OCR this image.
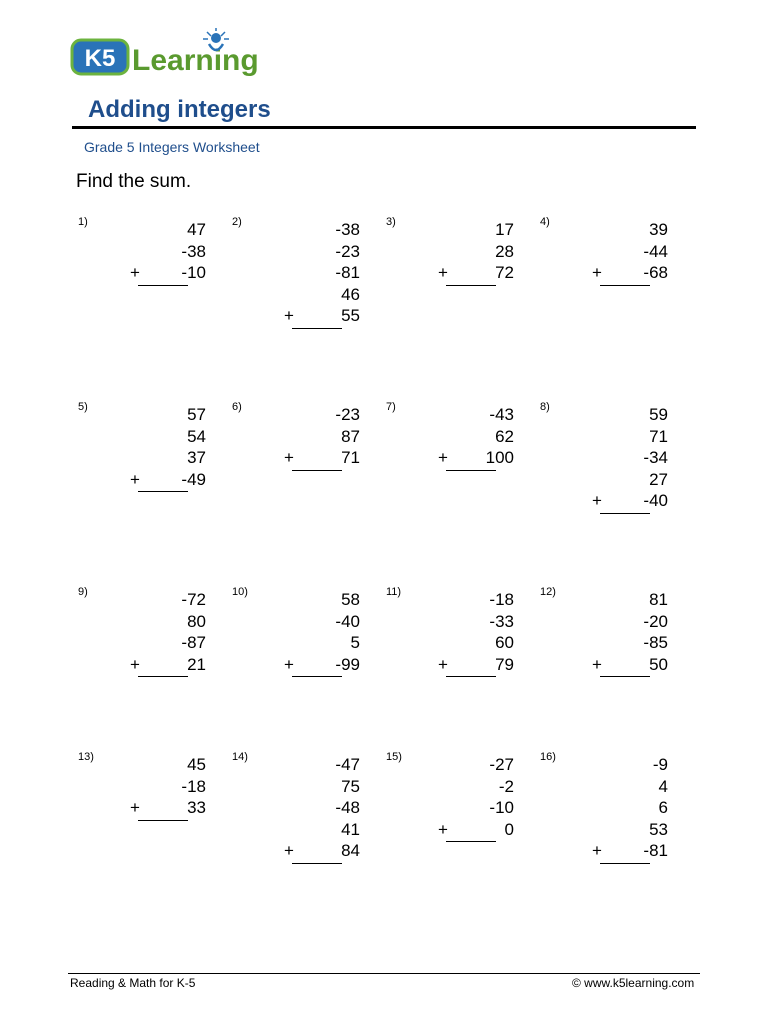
K5 Learning
Adding integers
Grade 5 Integers Worksheet
Find the sum.
1)	47
-38
+ -10
2)	-38
-23
-81
46
+	55
3)	17
28
+	72
4)	39
-44
+ -68
5)	57
54
37
+ -49
6)	-23
87
+	71
7)	-43
62
+ 100
8)	59
71
-34
27
+ -40
9)	-72
80
-87
+	21
10)	58
-40
5
+ -99
11)	-18
-33
60
+	79
12)	81
-20
-85
+	50
13)	45
-18
+	33
14)	-47
75
-48
41
+	84
15)	-27
-2
-10
+	0
16)	-9
4
6
53
+ -81
Reading & Math for K-5	© www.k5learning.com
